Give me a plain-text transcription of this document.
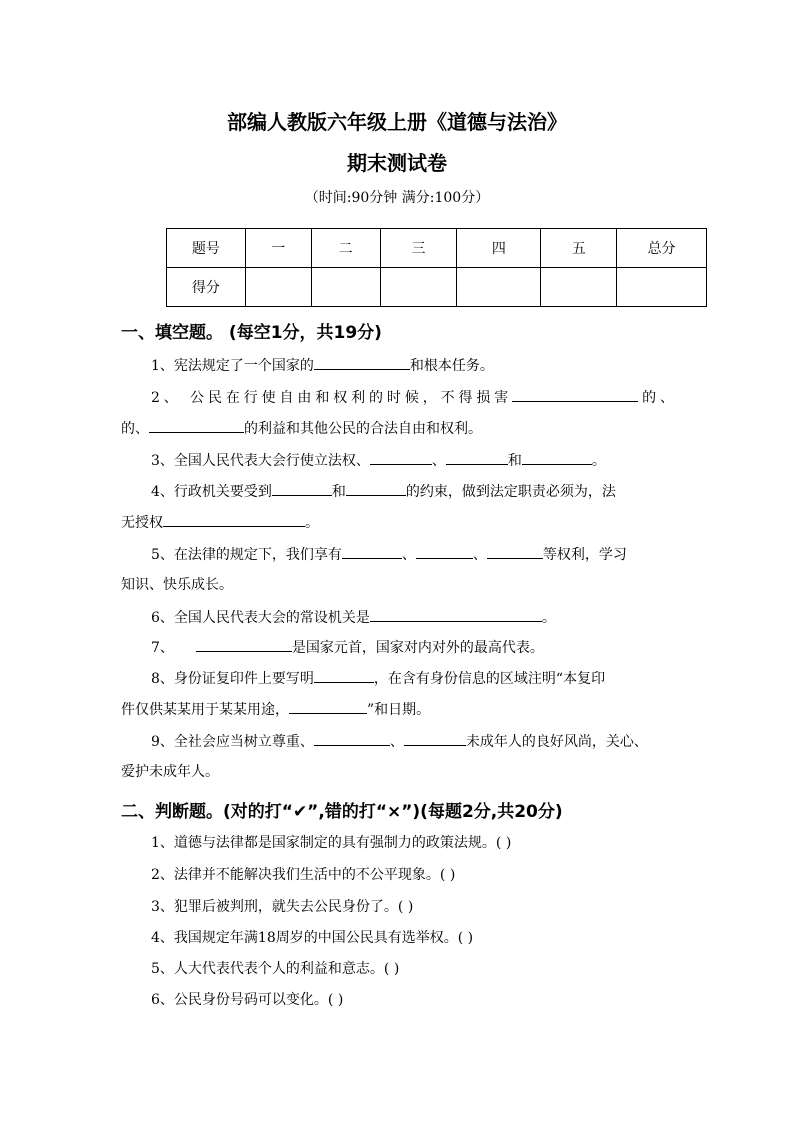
部编人教版六年级上册《道德与法治》
期末测试卷
（时间:90分钟 满分:100分）
题号	一	二	三	四	五	总分
得分						
一、填空题。 (每空1分，共19分)
1、宪法规定了一个国家的	和根本任务。
2、 公民在行使自由和权利的时候，不得损害	的、
的、	的利益和其他公民的合法自由和权利。
3、全国人民代表大会行使立法权、	、	和	。
4、行政机关要受到	和	的约束，做到法定职责必须为，法
无授权	。
5、在法律的规定下，我们享有	、	、	等权利，学习
知识、快乐成长。
6、全国人民代表大会的常设机关是	。
7、	是国家元首，国家对内对外的最高代表。
8、身份证复印件上要写明	，在含有身份信息的区域注明“本复印
件仅供某某用于某某用途，	”和日期。
9、全社会应当树立尊重、	、	未成年人的良好风尚，关心、
爱护未成年人。
二、判断题。(对的打“✔”,错的打“×”)(每题2分,共20分)
1、道德与法律都是国家制定的具有强制力的政策法规。( )
2、法律并不能解决我们生活中的不公平现象。( )
3、犯罪后被判刑，就失去公民身份了。( )
4、我国规定年满18周岁的中国公民具有选举权。( )
5、人大代表代表个人的利益和意志。( )
6、公民身份号码可以变化。( )
